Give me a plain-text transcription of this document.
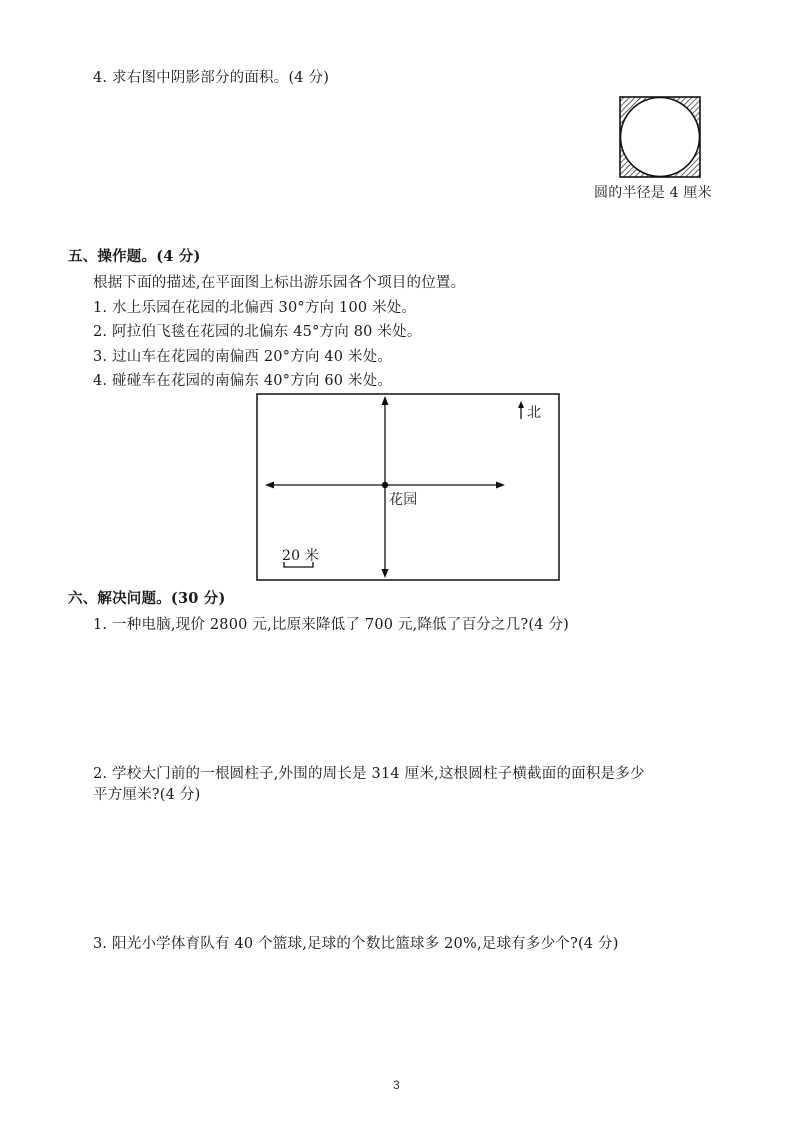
4. 求右图中阴影部分的面积。(4 分)
圆的半径是 4 厘米
五、操作题。(4 分)
根据下面的描述,在平面图上标出游乐园各个项目的位置。
1. 水上乐园在花园的北偏西 30°方向 100 米处。
2. 阿拉伯飞毯在花园的北偏东 45°方向 80 米处。
3. 过山车在花园的南偏西 20°方向 40 米处。
4. 碰碰车在花园的南偏东 40°方向 60 米处。
北
花园
20 米
六、解决问题。(30 分)
1. 一种电脑,现价 2800 元,比原来降低了 700 元,降低了百分之几?(4 分)
2. 学校大门前的一根圆柱子,外围的周长是 314 厘米,这根圆柱子横截面的面积是多少
平方厘米?(4 分)
3. 阳光小学体育队有 40 个篮球,足球的个数比篮球多 20%,足球有多少个?(4 分)
3
